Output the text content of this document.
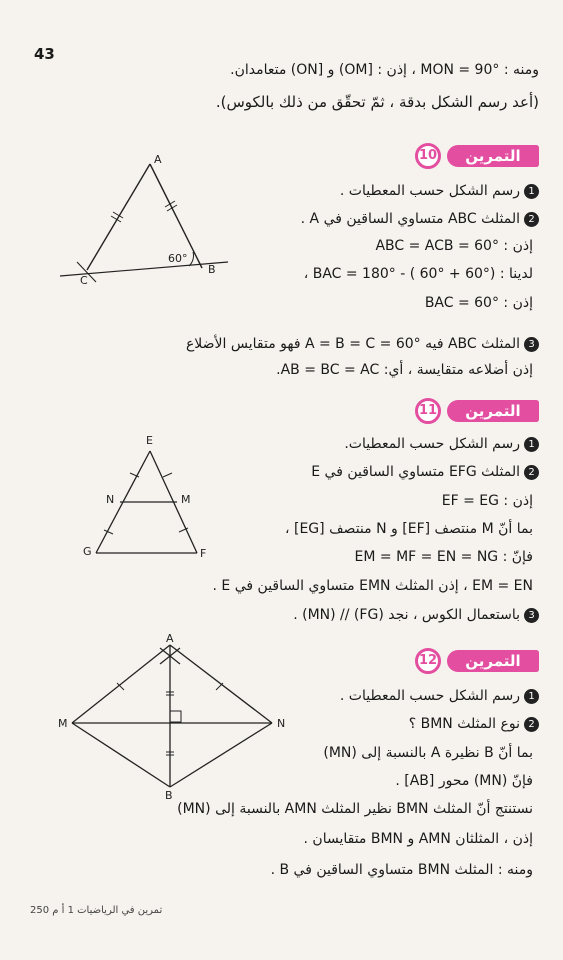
43
ومنه : MON = 90° ، إذن : [OM) و [ON) متعامدان.
(أعد رسم الشكل بدقة ، ثمّ تحقّق من ذلك بالكوس).
التمرين
10
1رسم الشكل حسب المعطيات .
2المثلث ABC متساوي الساقين في A .
إذن : ABC = ACB = 60°
لدينا : BAC = 180° - ( 60° + 60°) ،
إذن : BAC = 60°
3المثلث ABC فيه A = B = C = 60° فهو متقايس الأضلاع
إذن أضلاعه متقايسة ، أي: AB = BC = AC.
A
B
C
60°
التمرين
11
1رسم الشكل حسب المعطيات.
2المثلث EFG متساوي الساقين في E
إذن : EF = EG
بما أنّ M منتصف [EF] و N منتصف [EG] ،
فإنّ : EM = MF = EN = NG
EM = EN ، إذن المثلث EMN متساوي الساقين في E .
3باستعمال الكوس ، نجد (FG) // (MN) .
E
N	M
G	F
التمرين
12
1رسم الشكل حسب المعطيات .
2نوع المثلث BMN ؟
بما أنّ B نظيرة A بالنسبة إلى (MN)
فإنّ (MN) محور [AB] .
نستنتج أنّ المثلث BMN نظير المثلث AMN بالنسبة إلى (MN)
إذن ، المثلثان AMN و BMN متقايسان .
ومنه : المثلث BMN متساوي الساقين في B .
A
M	N
B
250 تمرين في الرياضيات 1 أ م
